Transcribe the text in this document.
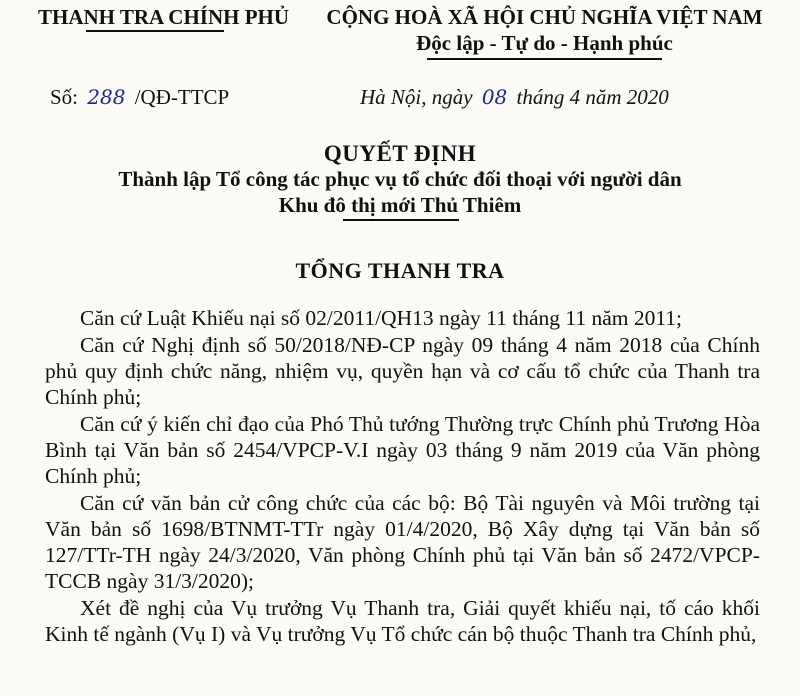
THANH TRA CHÍNH PHỦ	CỘNG HOÀ XÃ HỘI CHỦ NGHĨA VIỆT NAM
Độc lập - Tự do - Hạnh phúc
Số: 288 /QĐ-TTCP	Hà Nội, ngày 08 tháng 4 năm 2020
QUYẾT ĐỊNH
Thành lập Tổ công tác phục vụ tổ chức đối thoại với người dân
Khu đô thị mới Thủ Thiêm
TỔNG THANH TRA

Căn cứ Luật Khiếu nại số 02/2011/QH13 ngày 11 tháng 11 năm 2011;

Căn cứ Nghị định số 50/2018/NĐ-CP ngày 09 tháng 4 năm 2018 của Chính phủ quy định chức năng, nhiệm vụ, quyền hạn và cơ cấu tổ chức của Thanh tra Chính phủ;

Căn cứ ý kiến chỉ đạo của Phó Thủ tướng Thường trực Chính phủ Trương Hòa Bình tại Văn bản số 2454/VPCP-V.I ngày 03 tháng 9 năm 2019 của Văn phòng Chính phủ;

Căn cứ văn bản cử công chức của các bộ: Bộ Tài nguyên và Môi trường tại Văn bản số 1698/BTNMT-TTr ngày 01/4/2020, Bộ Xây dựng tại Văn bản số 127/TTr-TH ngày 24/3/2020, Văn phòng Chính phủ tại Văn bản số 2472/VPCP-TCCB ngày 31/3/2020);

Xét đề nghị của Vụ trưởng Vụ Thanh tra, Giải quyết khiếu nại, tố cáo khối Kinh tế ngành (Vụ I) và Vụ trưởng Vụ Tổ chức cán bộ thuộc Thanh tra Chính phủ,
